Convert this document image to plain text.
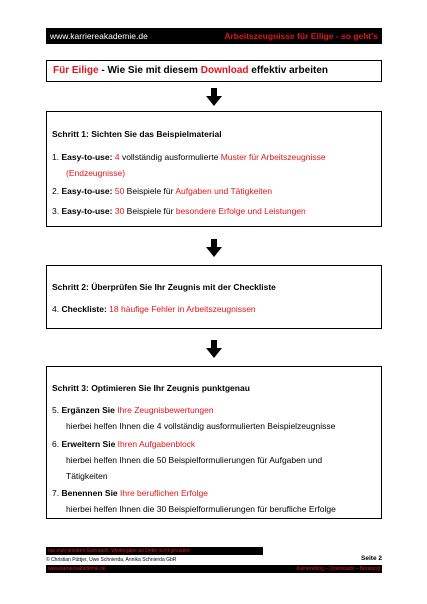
www.karriereakademie.de	Arbeitszeugnisse für Eilige - so geht's
Für Eilige - Wie Sie mit diesem Download effektiv arbeiten
Schritt 1: Sichten Sie das Beispielmaterial
1. Easy-to-use: 4 vollständig ausformulierte Muster für Arbeitszeugnisse
(Endzeugnisse)
2. Easy-to-use: 50 Beispiele für Aufgaben und Tätigkeiten
3. Easy-to-use: 30 Beispiele für besondere Erfolge und Leistungen
Schritt 2: Überprüfen Sie Ihr Zeugnis mit der Checkliste
4. Checkliste: 18 häufige Fehler in Arbeitszeugnissen
Schritt 3: Optimieren Sie Ihr Zeugnis punktgenau
5. Ergänzen Sie Ihre Zeugnisbewertungen
hierbei helfen Ihnen die 4 vollständig ausformulierten Beispielzeugnisse
6. Erweitern Sie Ihren Aufgabenblock
hierbei helfen Ihnen die 50 Beispielformulierungen für Aufgaben und
Tätigkeiten
7. Benennen Sie Ihre beruflichen Erfolge
hierbei helfen Ihnen die 30 Beispielformulierungen für berufliche Erfolge
nur zum privaten Gebrauch, Weitergabe an Dritte nicht gestattet
© Christian Püttjer, Uwe Schnierda, Annika Schnierda GbR	Seite 2
www.karriereakademie.de	Karriereblog – Downloads – Beratung
